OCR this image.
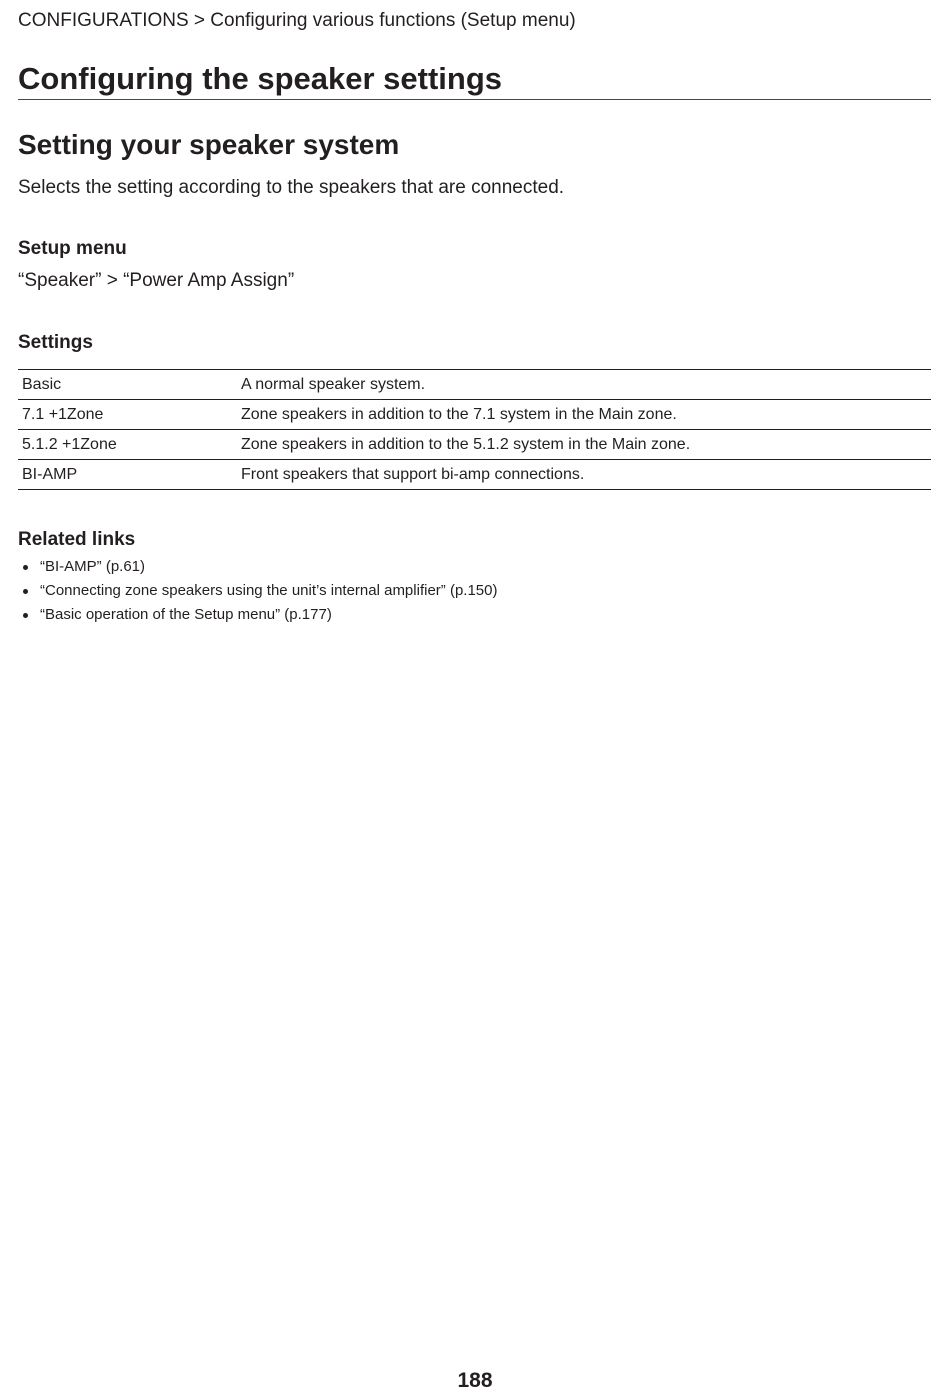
CONFIGURATIONS > Configuring various functions (Setup menu)
Configuring the speaker settings
Setting your speaker system
Selects the setting according to the speakers that are connected.
Setup menu
“Speaker” > “Power Amp Assign”
Settings
Basic	A normal speaker system.
7.1 +1Zone	Zone speakers in addition to the 7.1 system in the Main zone.
5.1.2 +1Zone	Zone speakers in addition to the 5.1.2 system in the Main zone.
BI-AMP	Front speakers that support bi-amp connections.
Related links
“BI-AMP” (p.61)
“Connecting zone speakers using the unit’s internal amplifier” (p.150)
“Basic operation of the Setup menu” (p.177)
188
